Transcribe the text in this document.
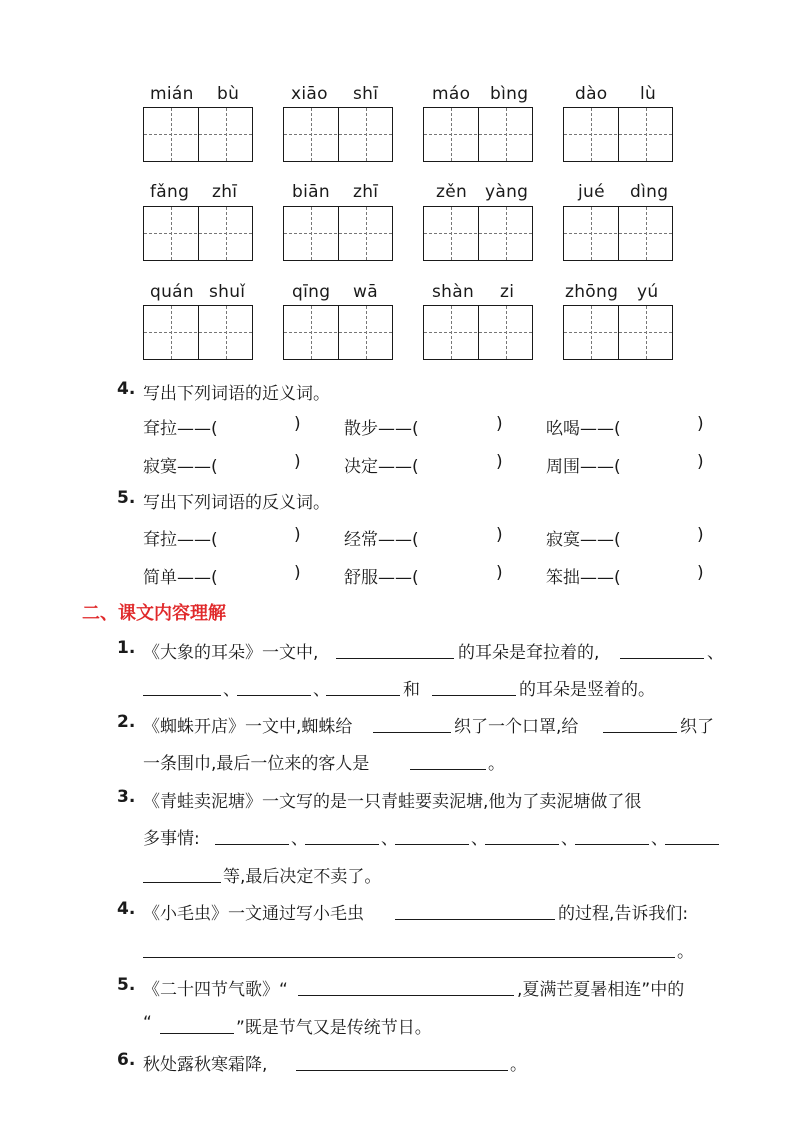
mián bù	xiāo shī	máo bìng	dào lù
fǎng zhī	biān zhī	zěn yàng	jué dìng
quán shuǐ	qīng wā	shàn zi	zhōng yú
4. 写出下列词语的近义词。
耷拉——(	)	散步——(	)	吆喝——(	)
寂寞——(	)	决定——(	)	周围——(	)
5. 写出下列词语的反义词。
耷拉——(	)	经常——(	)	寂寞——(	)
简单——(	)	舒服——(	)	笨拙——(	)
二、课文内容理解
1. 《大象的耳朵》一文中,	的耳朵是耷拉着的,	、
、	、	和	的耳朵是竖着的。
2. 《蜘蛛开店》一文中,蜘蛛给	织了一个口罩,给	织了
一条围巾,最后一位来的客人是	。
3. 《青蛙卖泥塘》一文写的是一只青蛙要卖泥塘,他为了卖泥塘做了很
多事情:	、	、	、	、	、
等,最后决定不卖了。
4. 《小毛虫》一文通过写小毛虫	的过程,告诉我们:
。
5. 《二十四节气歌》“	,夏满芒夏暑相连”中的
“	”既是节气又是传统节日。
6. 秋处露秋寒霜降,	。
